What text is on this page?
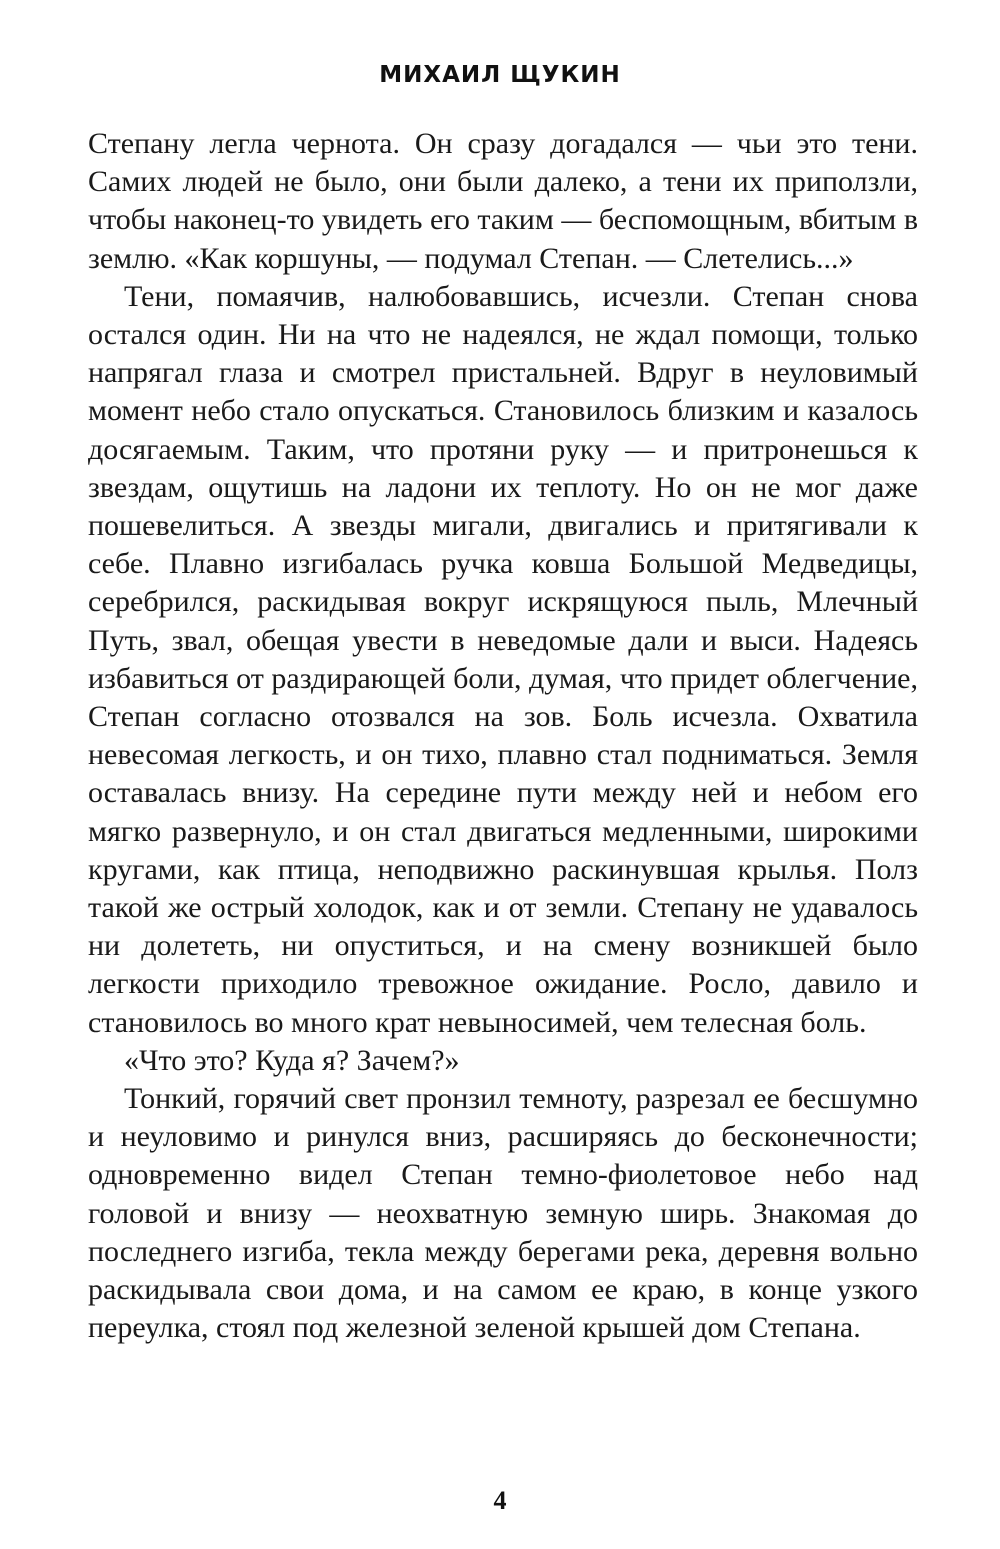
МИХАИЛ ЩУКИН

Степану легла чернота. Он сразу догадался — чьи это тени. Самих людей не было, они были далеко, а тени их приползли, чтобы наконец-то увидеть его таким — беспомощным, вбитым в землю. «Как коршуны, — подумал Степан. — Слетелись...»

Тени, помаячив, налюбовавшись, исчезли. Степан снова остался один. Ни на что не надеялся, не ждал помощи, только напрягал глаза и смотрел пристальней. Вдруг в неуловимый момент небо стало опускаться. Становилось близким и казалось досягаемым. Таким, что протяни руку — и притронешься к звездам, ощутишь на ладони их теплоту. Но он не мог даже пошевелиться. А звезды мигали, двигались и притягивали к себе. Плавно изгибалась ручка ковша Большой Медведицы, серебрился, раскидывая вокруг искрящуюся пыль, Млечный Путь, звал, обещая увести в неведомые дали и выси. Надеясь избавиться от раздирающей боли, думая, что придет облегчение, Степан согласно отозвался на зов. Боль исчезла. Охватила невесомая легкость, и он тихо, плавно стал подниматься. Земля оставалась внизу. На середине пути между ней и небом его мягко развернуло, и он стал двигаться медленными, широкими кругами, как птица, неподвижно раскинувшая крылья. Полз такой же острый холодок, как и от земли. Степану не удавалось ни долететь, ни опуститься, и на смену возникшей было легкости приходило тревожное ожидание. Росло, давило и становилось во много крат невыносимей, чем телесная боль.

«Что это? Куда я? Зачем?»

Тонкий, горячий свет пронзил темноту, разрезал ее бесшумно и неуловимо и ринулся вниз, расширяясь до бесконечности; одновременно видел Степан темно-фиолетовое небо над головой и внизу — неохватную земную ширь. Знакомая до последнего изгиба, текла между берегами река, деревня вольно раскидывала свои дома, и на самом ее краю, в конце узкого переулка, стоял под железной зеленой крышей дом Степана.

4
